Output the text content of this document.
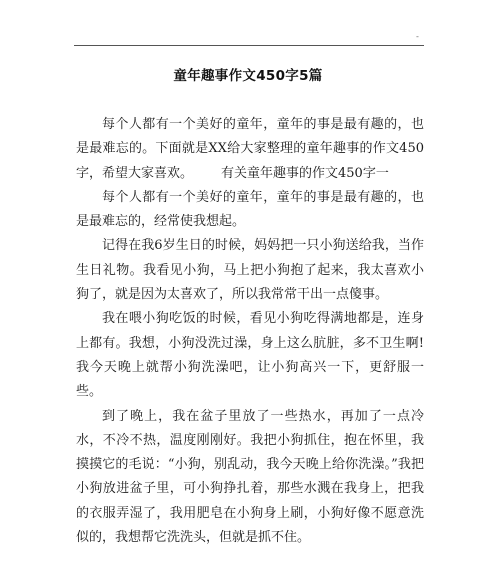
-
童年趣事作文450字5篇

每个人都有一个美好的童年，童年的事是最有趣的，也是最难忘的。下面就是XX给大家整理的童年趣事的作文450字，希望大家喜欢。 有关童年趣事的作文450字一

每个人都有一个美好的童年，童年的事是最有趣的，也是最难忘的，经常使我想起。

记得在我6岁生日的时候，妈妈把一只小狗送给我，当作生日礼物。我看见小狗，马上把小狗抱了起来，我太喜欢小狗了，就是因为太喜欢了，所以我常常干出一点傻事。

我在喂小狗吃饭的时候，看见小狗吃得满地都是，连身上都有。我想，小狗没洗过澡，身上这么肮脏，多不卫生啊!我今天晚上就帮小狗洗澡吧，让小狗高兴一下，更舒服一些。

到了晚上，我在盆子里放了一些热水，再加了一点冷水，不冷不热，温度刚刚好。我把小狗抓住，抱在怀里，我摸摸它的毛说：“小狗，别乱动，我今天晚上给你洗澡。”我把小狗放进盆子里，可小狗挣扎着，那些水溅在我身上，把我的衣服弄湿了，我用肥皂在小狗身上刷，小狗好像不愿意洗似的，我想帮它洗洗头，但就是抓不住。
